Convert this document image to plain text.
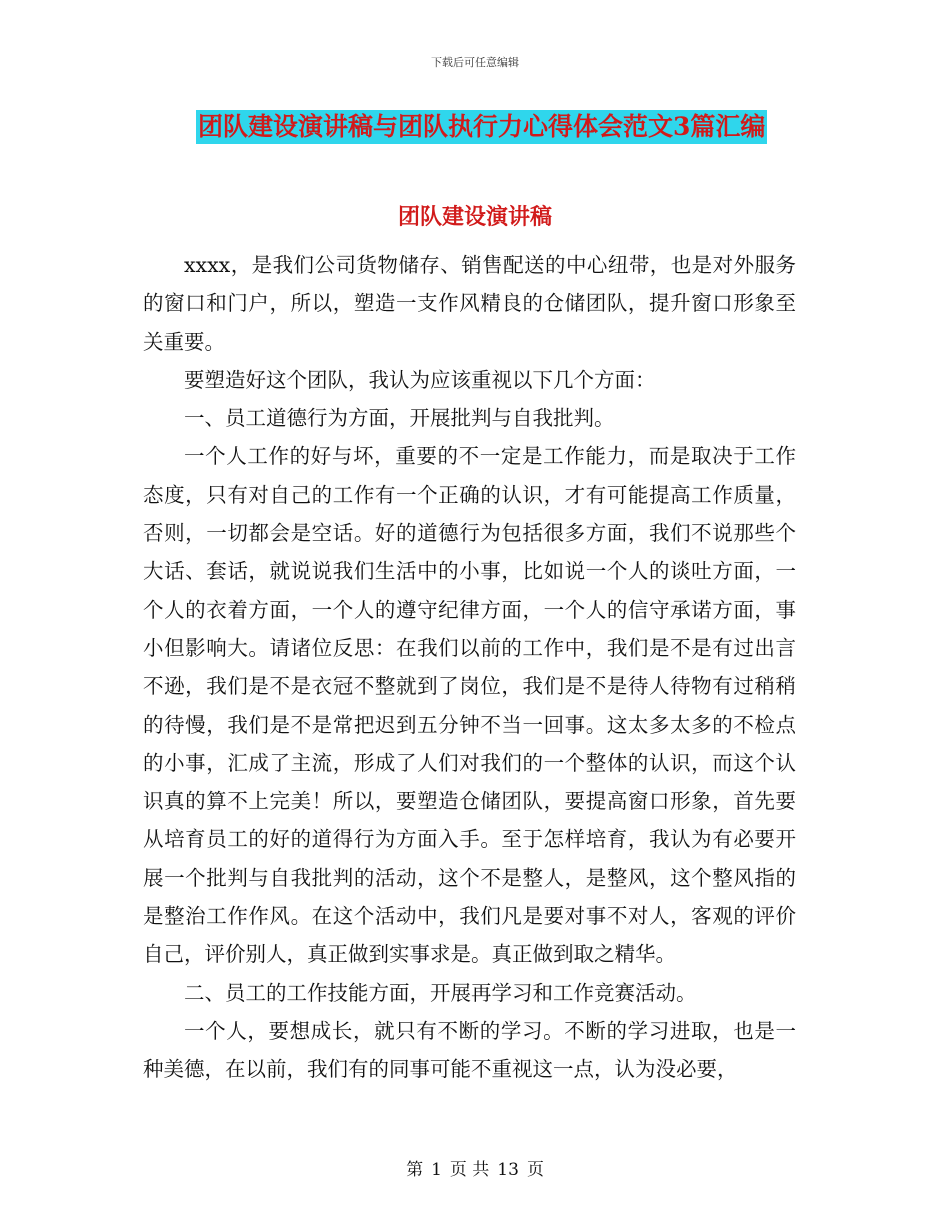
下载后可任意编辑
团队建设演讲稿与团队执行力心得体会范文3篇汇编
团队建设演讲稿

xxxx，是我们公司货物储存、销售配送的中心纽带，也是对外服务的窗口和门户，所以，塑造一支作风精良的仓储团队，提升窗口形象至关重要。

要塑造好这个团队，我认为应该重视以下几个方面：

一、员工道德行为方面，开展批判与自我批判。

一个人工作的好与坏，重要的不一定是工作能力，而是取决于工作态度，只有对自己的工作有一个正确的认识，才有可能提高工作质量，否则，一切都会是空话。好的道德行为包括很多方面，我们不说那些个大话、套话，就说说我们生活中的小事，比如说一个人的谈吐方面，一个人的衣着方面，一个人的遵守纪律方面，一个人的信守承诺方面，事小但影响大。请诸位反思：在我们以前的工作中，我们是不是有过出言不逊，我们是不是衣冠不整就到了岗位，我们是不是待人待物有过稍稍的待慢，我们是不是常把迟到五分钟不当一回事。这太多太多的不检点的小事，汇成了主流，形成了人们对我们的一个整体的认识，而这个认识真的算不上完美！所以，要塑造仓储团队，要提高窗口形象，首先要从培育员工的好的道得行为方面入手。至于怎样培育，我认为有必要开展一个批判与自我批判的活动，这个不是整人，是整风，这个整风指的是整治工作作风。在这个活动中，我们凡是要对事不对人，客观的评价自己，评价别人，真正做到实事求是。真正做到取之精华。

二、员工的工作技能方面，开展再学习和工作竞赛活动。

一个人，要想成长，就只有不断的学习。不断的学习进取，也是一种美德，在以前，我们有的同事可能不重视这一点，认为没必要，

第 1 页 共 13 页
